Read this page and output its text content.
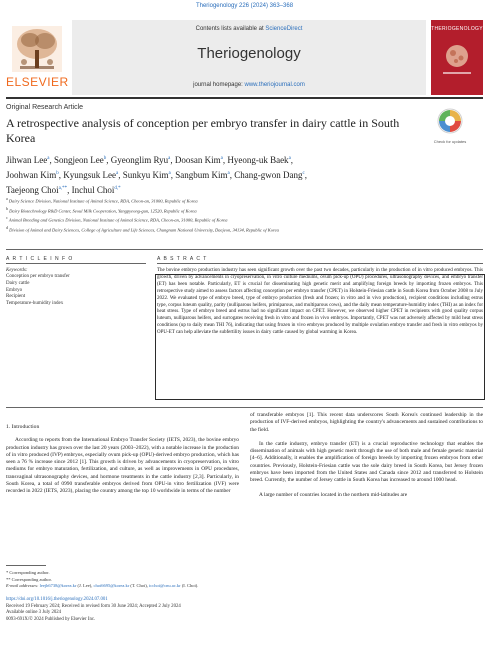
Theriogenology 226 (2024) 363–368
ELSEVIER
Contents lists available at ScienceDirect
Theriogenology
journal homepage: www.theriojournal.com
THERIOGENOLOGY
Original Research Article
A retrospective analysis of conception per embryo transfer in dairy cattle in South Korea	Check for updates
Jihwan Lee$^a$, Songjeon Lee$^b$, Gyeonglim Ryu$^a$, Doosan Kim$^a$, Hyeong-uk Baek$^a$,
Joohwan Kim$^b$, Kyungsuk Lee$^a$, Sunkyu Kim$^a$, Sangbum Kim$^a$, Chang-gwon Dang$^c$,
Taejeong Choi$^{a,**}$, Inchul Choi$^{d,*}$
$^a$ Dairy Science Division, National Institute of Animal Science, RDA, Cheon-an, 31000, Republic of Korea
$^b$ Dairy Biotechnology R&D Center, Seoul Milk Cooperation, Yangpyeong-gun, 12520, Republic of Korea
$^c$ Animal Breeding and Genetics Division, National Institute of Animal Science, RDA, Cheon-an, 31000, Republic of Korea
$^d$ Division of Animal and Dairy Sciences, College of Agriculture and Life Sciences, Chungnam National University, Daejeon, 34134, Republic of Korea
A R T I C L E I N F O
Keywords:
Conception per embryo transfer
Dairy cattle
Embryo
Recipient
Temperature-humidity index
A B S T R A C T
The bovine embryo production industry has seen significant growth over the past two decades, particularly in the production of in vitro produced embryos. This growth, driven by advancements in cryopreservation, in vitro culture mediums, ovum pick-up (OPU) procedures, ultrasonography devices, and embryo transfer (ET) has been notable. Particularly, ET is crucial for disseminating high genetic merit and amplifying foreign breeds by importing frozen embryos. This retrospective study aimed to assess factors affecting conception per embryo transfer (CPET) in Holstein-Friesian cattle in South Korea from October 2008 to July 2022. We evaluated type of embryo breed, type of embryo production (fresh and frozen; in vitro and in vivo production), recipient conditions including estrus type, corpus luteum quality, parity (nulliparous heifers, primiparous, and multiparous cows), and the daily mean temperature-humidity index (THI) as an index for heat stress. Type of embryo breed and estrus had no significant impact on CPET. However, we observed higher CPET in recipients with good quality corpus luteum, nulliparous heifers, and surrogates receiving fresh in vitro and frozen in vivo embryos. Importantly, CPET was not adversely affected by mild heat stress conditions (up to daily mean THI 76), indicating that using frozen in vivo embryos produced by multiple ovulation embryo transfer and fresh in vitro embryos by OPU-ET can help alleviate the subfertility issues in dairy cattle caused by global warming in Korea.
1. Introduction

According to reports from the International Embryo Transfer Society (IETS, 2023), the bovine embryo production industry has grown over the last 20 years (2003–2022), with a notable increase in the production of in vitro produced (IVP) embryos, especially ovum pick-up (OPU)-derived embryo production, which has seen a 76 % increase since 2012 [1]. This growth is driven by advancements in cryopreservation, in vitro mediums for embryo maturation, fertilization, and culture, as well as improvements in OPU procedures, transvaginal ultrasonography devices, and hormone treatments in the cattle industry [2,3]. Particularly, in South Korea, a total of 0990 transferable embryos derived from OPU-in vitro fertilization (IVF) were recorded in 2022 (IETS, 2023), placing the country among the top 10 worldwide in terms of the number

of transferable embryos [1]. This recent data underscores South Korea's continued leadership in the production of IVF-derived embryos, highlighting the country's advancements and sustained contributions to the field.

In the cattle industry, embryo transfer (ET) is a crucial reproductive technology that enables the dissemination of animals with high genetic merit through the use of both male and female genetic material [4–6]. Additionally, it enables the amplification of foreign breeds by importing frozen embryos from other countries. Previously, Holstein-Friesian cattle was the sole dairy breed in South Korea, but Jersey frozen embryos have been imported from the United States and Canada since 2012 and transferred to Holstein breed. Currently, the number of Jersey cattle in South Korea has increased to around 1000 head.

A large number of countries located in the northern mid-latitudes are

* Corresponding author.
** Corresponding author.
E-mail addresses: leejh6738@korea.kr (J. Lee), choi6695@korea.kr (T. Choi), icchoi@cnu.ac.kr (I. Choi).
https://doi.org/10.1016/j.theriogenology.2024.07.001
Received 19 February 2024; Received in revised form 30 June 2024; Accepted 2 July 2024
Available online 3 July 2024
0093-691X/© 2024 Published by Elsevier Inc.
